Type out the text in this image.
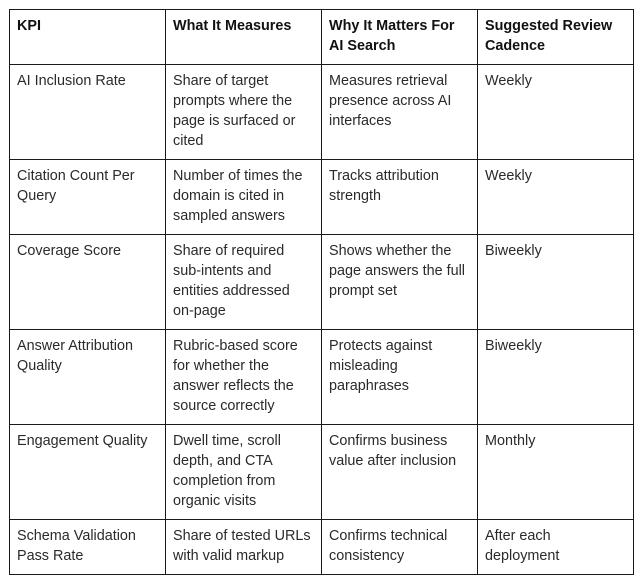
KPI	What It Measures	Why It Matters For AI Search	Suggested Review Cadence
AI Inclusion Rate	Share of target prompts where the page is surfaced or cited	Measures retrieval presence across AI interfaces	Weekly
Citation Count Per Query	Number of times the domain is cited in sampled answers	Tracks attribution strength	Weekly
Coverage Score	Share of required sub-intents and entities addressed on-page	Shows whether the page answers the full prompt set	Biweekly
Answer Attribution Quality	Rubric-based score for whether the answer reflects the source correctly	Protects against misleading paraphrases	Biweekly
Engagement Quality	Dwell time, scroll depth, and CTA completion from organic visits	Confirms business value after inclusion	Monthly
Schema Validation Pass Rate	Share of tested URLs with valid markup	Confirms technical consistency	After each deployment
